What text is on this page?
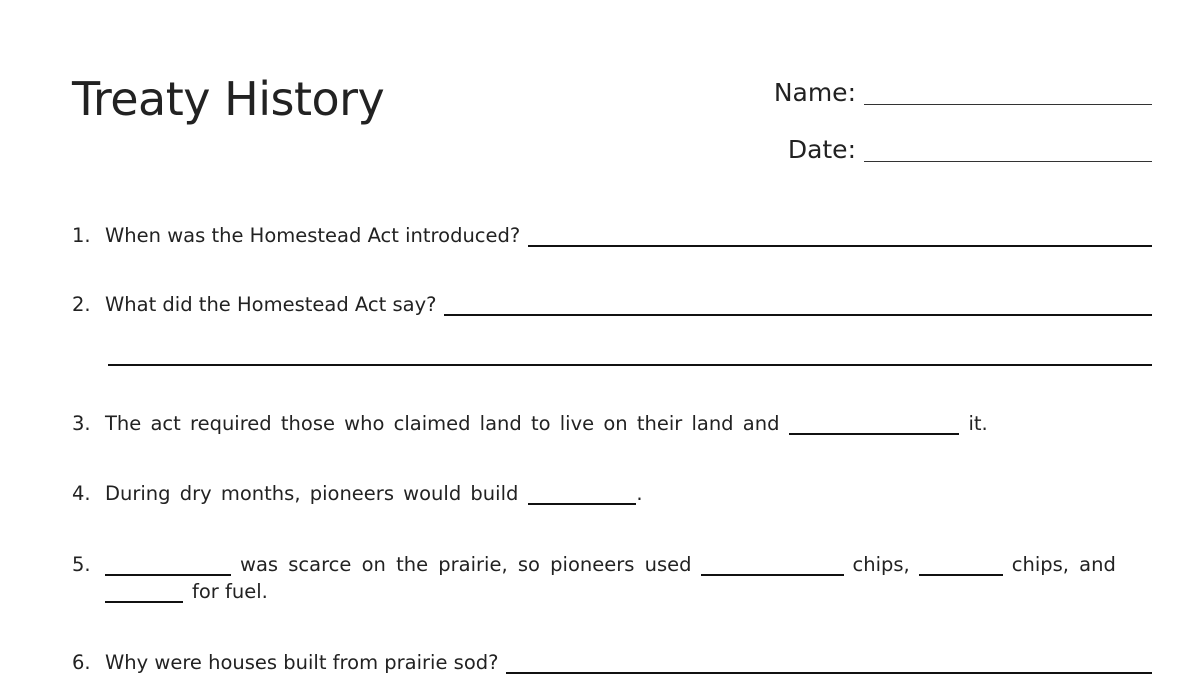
Treaty History	Name:
Date:
1. When was the Homestead Act introduced?
2. What did the Homestead Act say?
3. The act required those who claimed land to live on their land and	it.
4. During dry months, pioneers would build	.
5.	was scarce on the prairie, so pioneers used	chips,	chips, and
for fuel.
6. Why were houses built from prairie sod?
